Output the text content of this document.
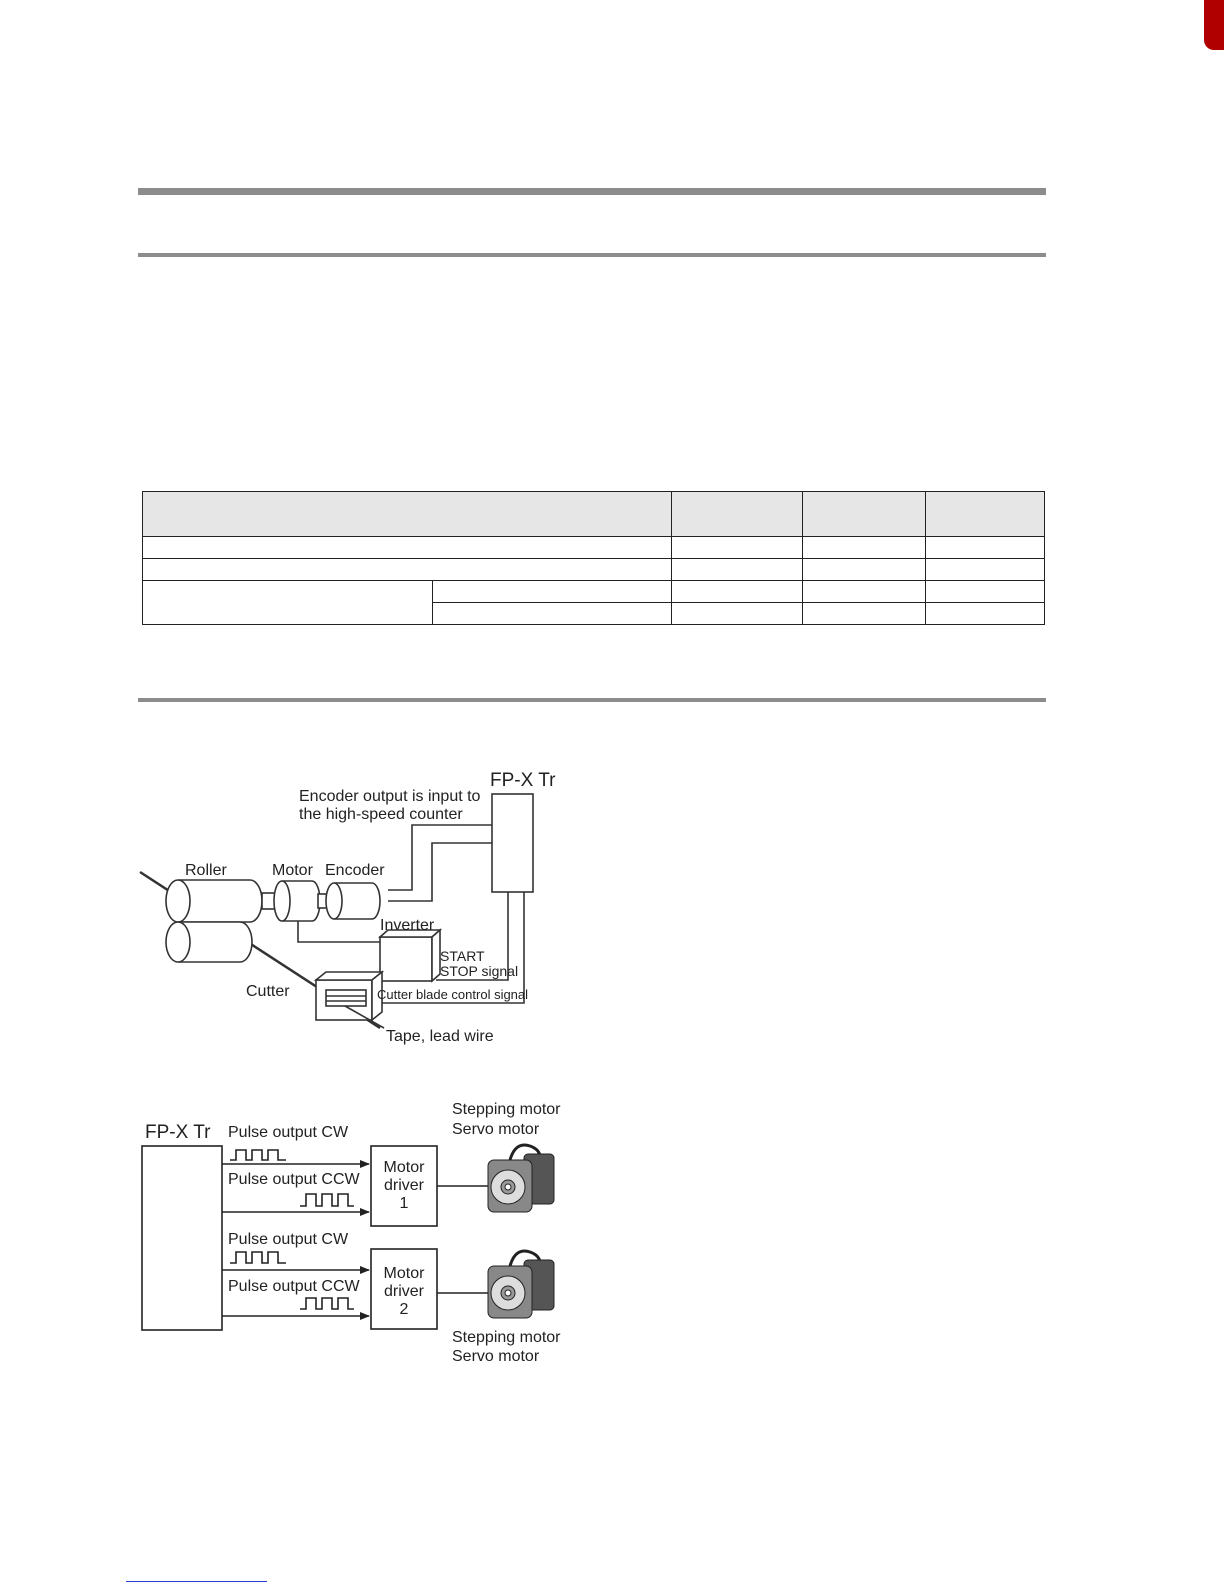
FP-X Tr
Encoder output is input to
the high-speed counter
Roller	Motor Encoder
Inverter
START
STOP signal
Cutter	Cutter blade control signal
Tape, lead wire
FP-X Tr Pulse output CW
Pulse output CCW
Pulse output CW
Pulse output CCW
Motor
driver
1
Motor
driver
2
Stepping motor
Servo motor
Stepping motor
Servo motor
